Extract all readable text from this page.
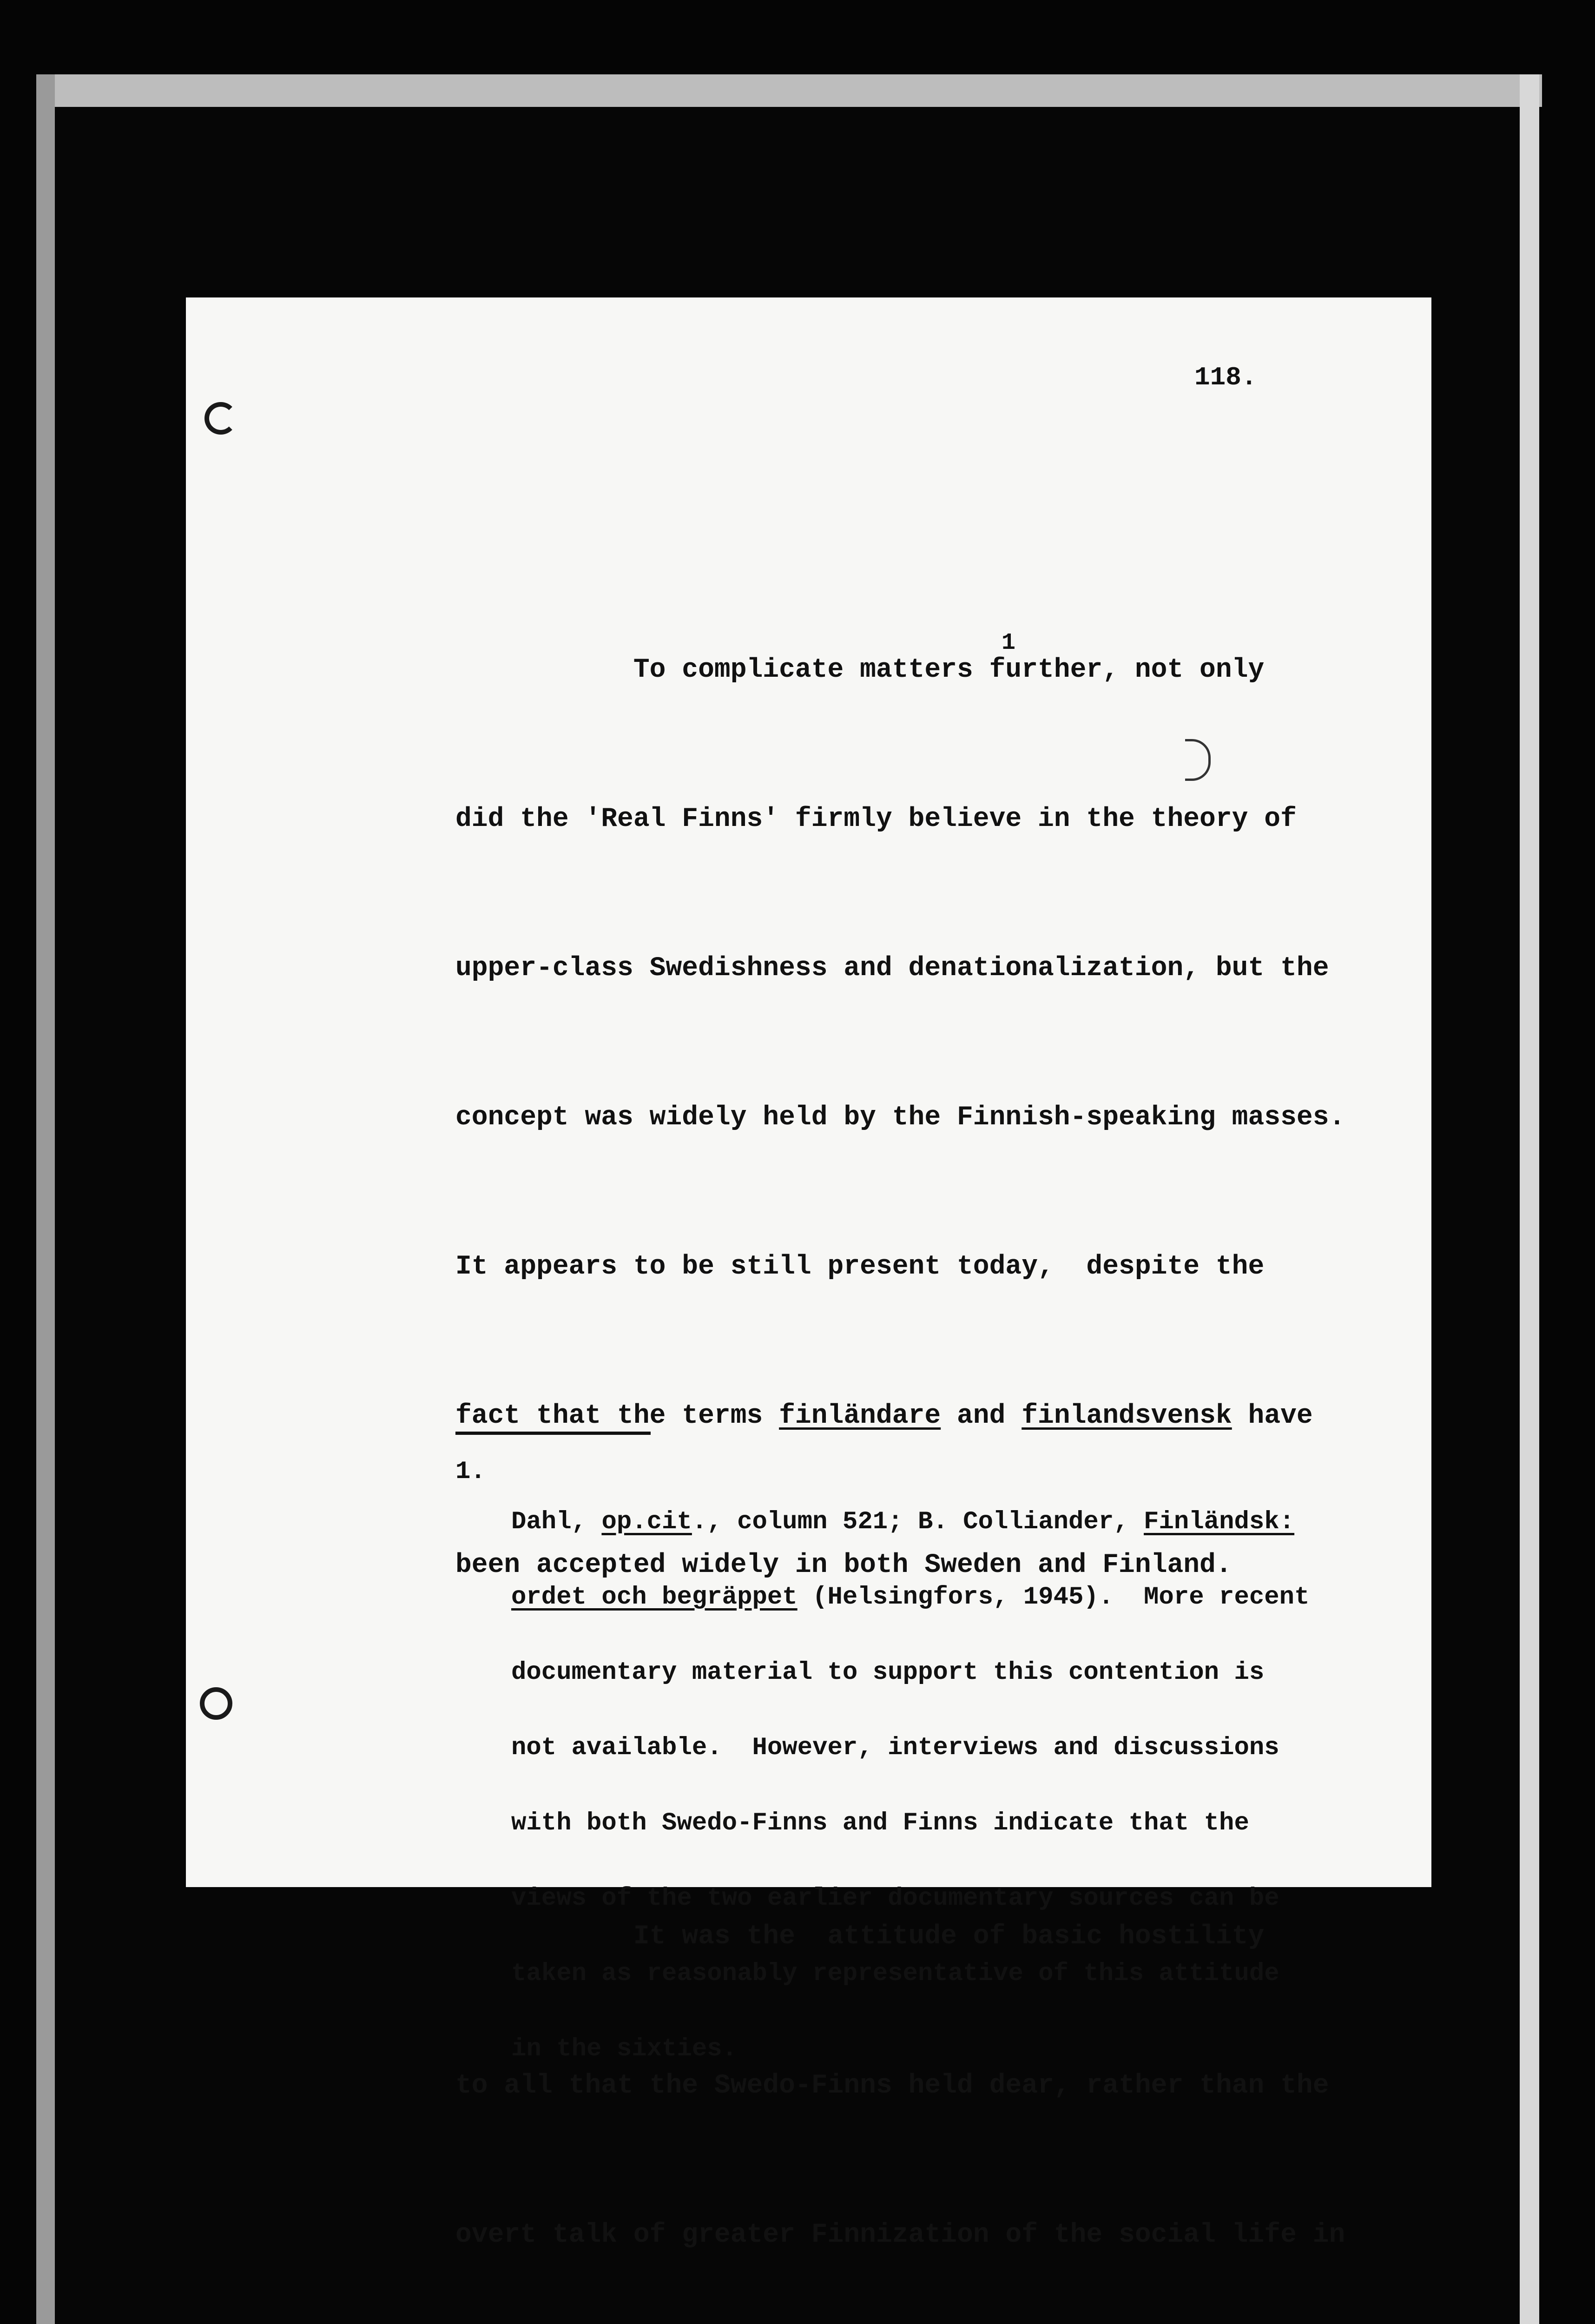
118.

To complicate matters further, not only

did the 'Real Finns' firmly believe in the theory of

upper-class Swedishness and denationalization, but the

concept was widely held by the Finnish-speaking masses.

It appears to be still present today,  despite the

fact that the terms finländare and finlandsvensk have

been accepted widely in both Sweden and Finland.

It was the  attitude of basic hostility

to all that the Swedo-Finns held dear, rather than the

overt talk of greater Finnization of the social life in

1

1.

Dahl, op.cit., column 521; B. Colliander, Finländsk:

ordet och begräppet (Helsingfors, 1945).  More recent

documentary material to support this contention is

not available.  However, interviews and discussions

with both Swedo-Finns and Finns indicate that the

views of the two earlier documentary sources can be

taken as reasonably representative of this attitude

in the sixties.
